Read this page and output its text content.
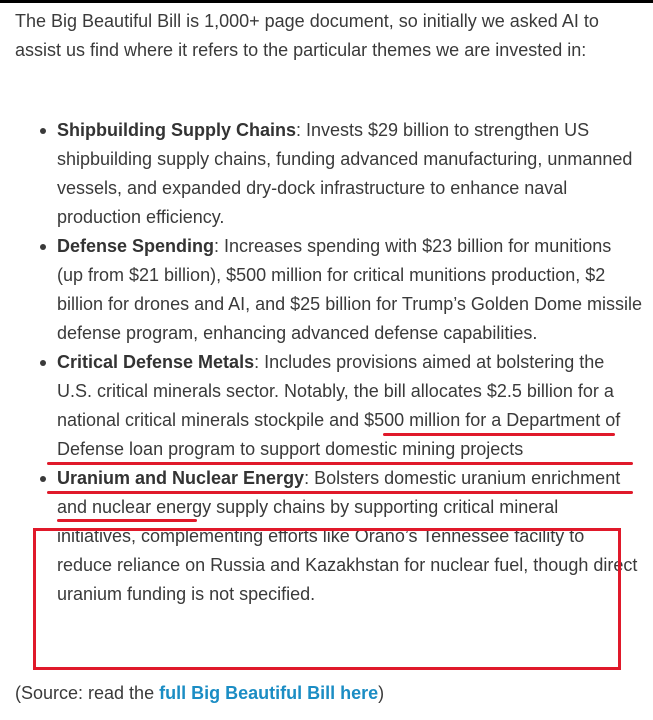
The Big Beautiful Bill is 1,000+ page document, so initially we asked AI to assist us find where it refers to the particular themes we are invested in:

Shipbuilding Supply Chains: Invests $29 billion to strengthen US shipbuilding supply chains, funding advanced manufacturing, unmanned vessels, and expanded dry-dock infrastructure to enhance naval production efficiency.
Defense Spending: Increases spending with $23 billion for munitions (up from $21 billion), $500 million for critical munitions production, $2 billion for drones and AI, and $25 billion for Trump’s Golden Dome missile defense program, enhancing advanced defense capabilities.
Critical Defense Metals: Includes provisions aimed at bolstering the U.S. critical minerals sector. Notably, the bill allocates $2.5 billion for a national critical minerals stockpile and $500 million for a Department of Defense loan program to support domestic mining projects
Uranium and Nuclear Energy: Bolsters domestic uranium enrichment and nuclear energy supply chains by supporting critical mineral initiatives, complementing efforts like Orano’s Tennessee facility to reduce reliance on Russia and Kazakhstan for nuclear fuel, though direct uranium funding is not specified.

(Source: read the full Big Beautiful Bill here)
